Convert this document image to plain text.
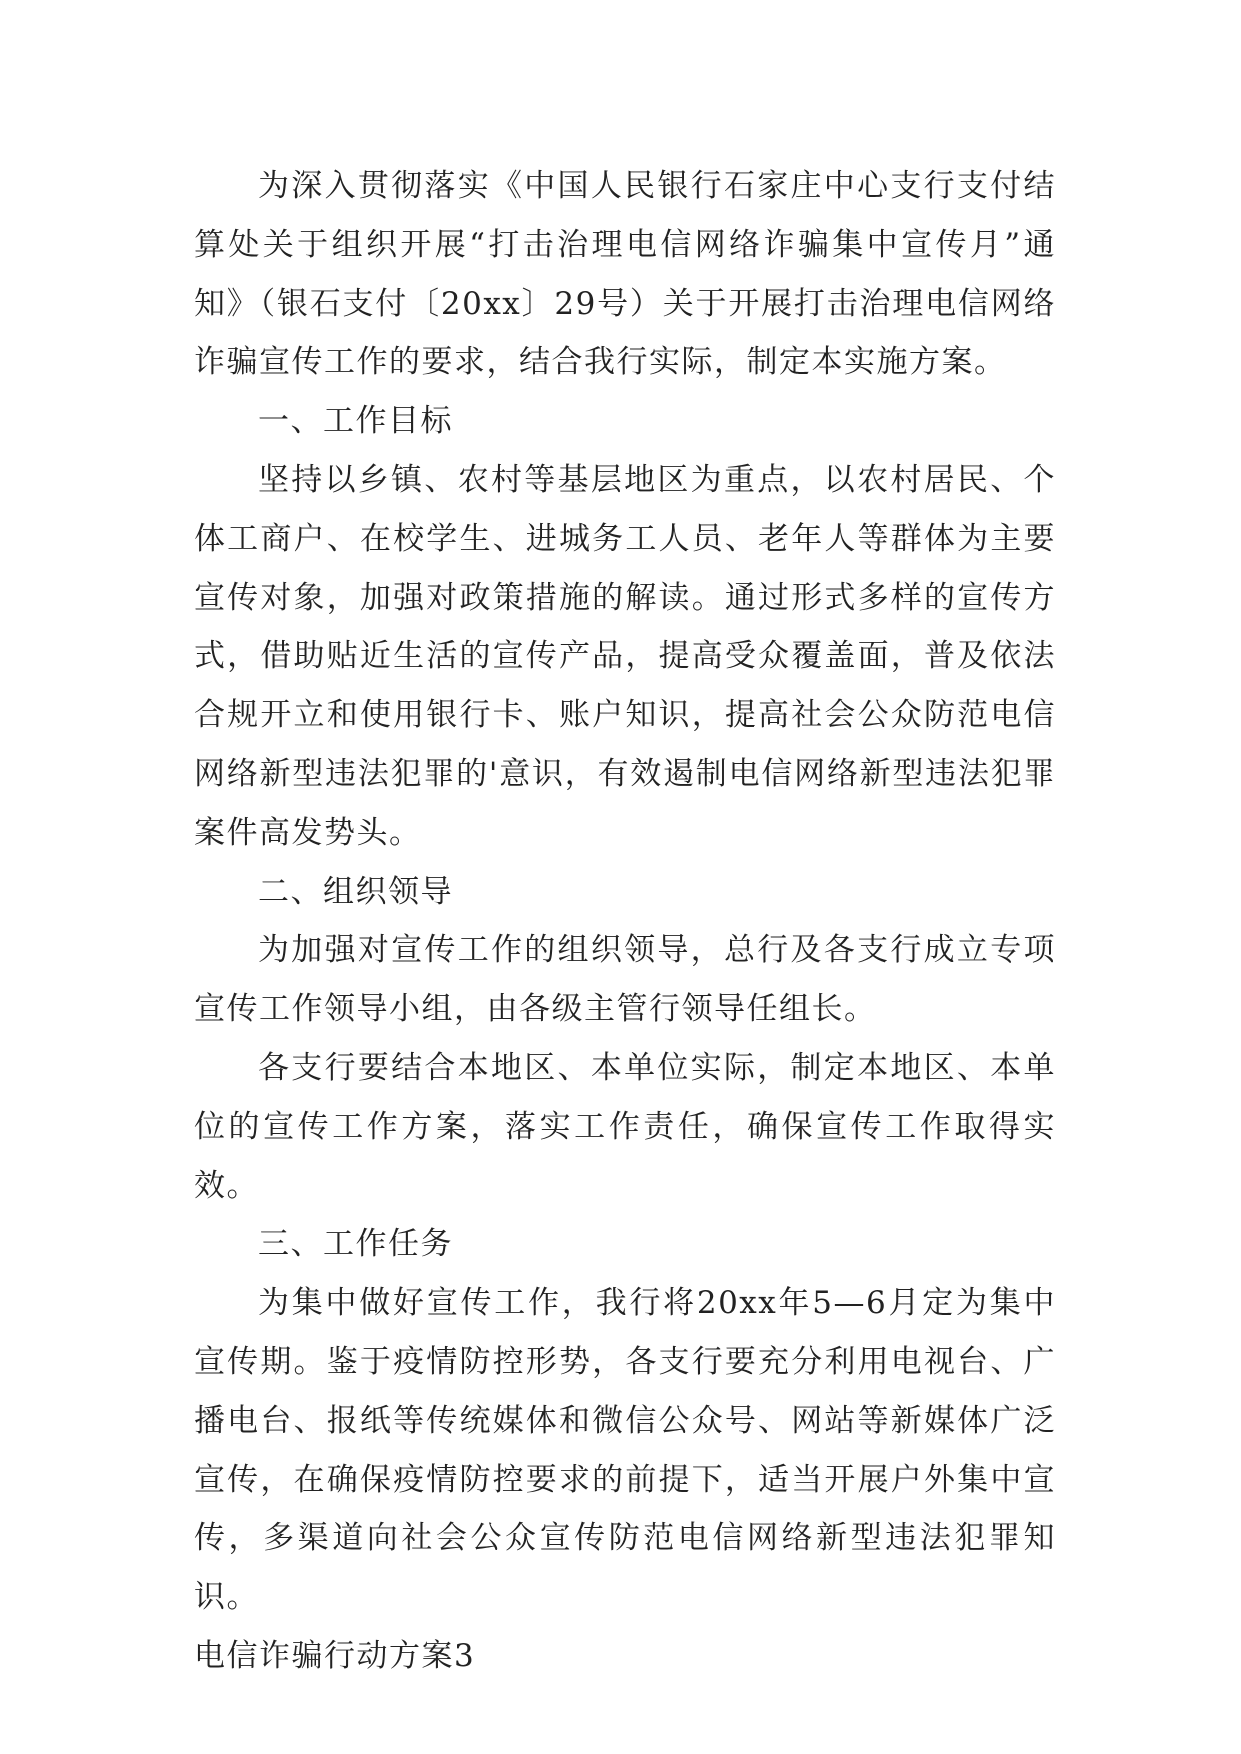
为深入贯彻落实《中国人民银行石家庄中心支行支付结算处关于组织开展“打击治理电信网络诈骗集中宣传月”通知》（银石支付〔20xx〕29号）关于开展打击治理电信网络诈骗宣传工作的要求，结合我行实际，制定本实施方案。

一、工作目标

坚持以乡镇、农村等基层地区为重点，以农村居民、个体工商户、在校学生、进城务工人员、老年人等群体为主要宣传对象，加强对政策措施的解读。通过形式多样的宣传方式，借助贴近生活的宣传产品，提高受众覆盖面，普及依法合规开立和使用银行卡、账户知识，提高社会公众防范电信网络新型违法犯罪的'意识，有效遏制电信网络新型违法犯罪案件高发势头。

二、组织领导

为加强对宣传工作的组织领导，总行及各支行成立专项宣传工作领导小组，由各级主管行领导任组长。

各支行要结合本地区、本单位实际，制定本地区、本单位的宣传工作方案，落实工作责任，确保宣传工作取得实效。

三、工作任务

为集中做好宣传工作，我行将20xx年5—6月定为集中宣传期。鉴于疫情防控形势，各支行要充分利用电视台、广播电台、报纸等传统媒体和微信公众号、网站等新媒体广泛宣传，在确保疫情防控要求的前提下，适当开展户外集中宣传，多渠道向社会公众宣传防范电信网络新型违法犯罪知识。

电信诈骗行动方案3
